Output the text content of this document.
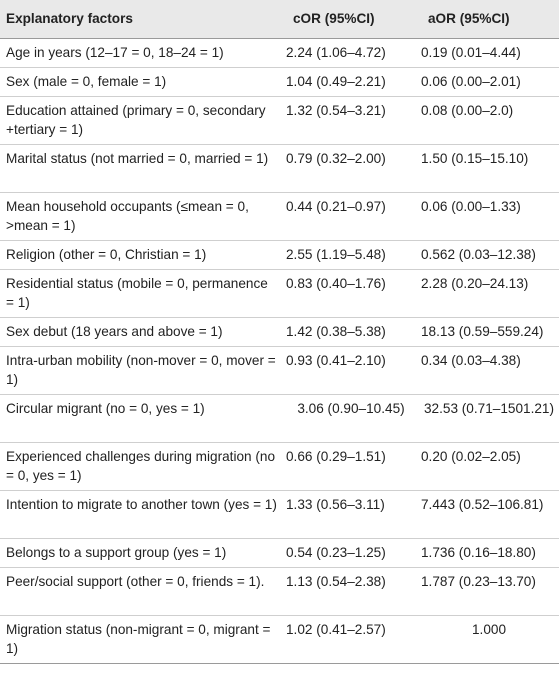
Explanatory factors	cOR (95%CI)	aOR (95%CI)
Age in years (12–17 = 0, 18–24 = 1)	2.24 (1.06–4.72)	0.19 (0.01–4.44)
Sex (male = 0, female = 1)	1.04 (0.49–2.21)	0.06 (0.00–2.01)
Education attained (primary = 0, secondary +tertiary = 1)	1.32 (0.54–3.21)	0.08 (0.00–2.0)
Marital status (not married = 0, married = 1)	0.79 (0.32–2.00)	1.50 (0.15–15.10)
Mean household occupants (≤mean = 0, >mean = 1)	0.44 (0.21–0.97)	0.06 (0.00–1.33)
Religion (other = 0, Christian = 1)	2.55 (1.19–5.48)	0.562 (0.03–12.38)
Residential status (mobile = 0, permanence = 1)	0.83 (0.40–1.76)	2.28 (0.20–24.13)
Sex debut (18 years and above = 1)	1.42 (0.38–5.38)	18.13 (0.59–559.24)
Intra-urban mobility (non-mover = 0, mover = 1)	0.93 (0.41–2.10)	0.34 (0.03–4.38)
Circular migrant (no = 0, yes = 1)	3.06 (0.90–10.45)	32.53 (0.71–1501.21)
Experienced challenges during migration (no = 0, yes = 1)	0.66 (0.29–1.51)	0.20 (0.02–2.05)
Intention to migrate to another town (yes = 1)	1.33 (0.56–3.11)	7.443 (0.52–106.81)
Belongs to a support group (yes = 1)	0.54 (0.23–1.25)	1.736 (0.16–18.80)
Peer/social support (other = 0, friends = 1).	1.13 (0.54–2.38)	1.787 (0.23–13.70)
Migration status (non-migrant = 0, migrant = 1)	1.02 (0.41–2.57)	1.000
